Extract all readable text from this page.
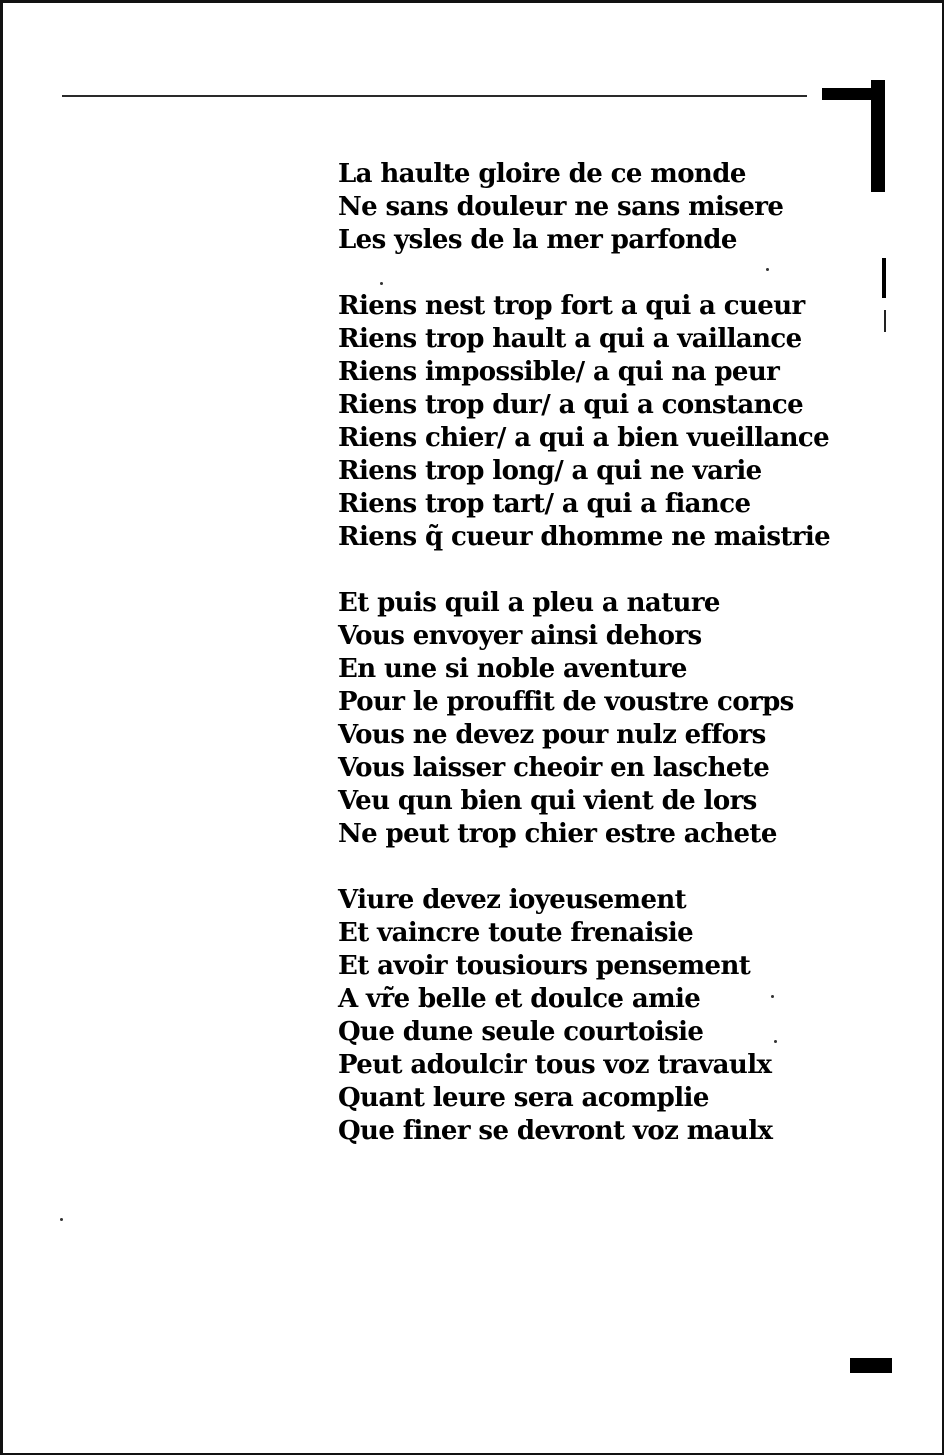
La haulte gloire de ce monde
Ne sans douleur ne sans misere
Les ysles de la mer parfonde
Riens nest trop fort a qui a cueur
Riens trop hault a qui a vaillance
Riens impossible/ a qui na peur
Riens trop dur/ a qui a constance
Riens chier/ a qui a bien vueillance
Riens trop long/ a qui ne varie
Riens trop tart/ a qui a fiance
Riens q̃ cueur dhomme ne maistrie
Et puis quil a pleu a nature
Vous envoyer ainsi dehors
En une si noble aventure
Pour le prouffit de voustre corps
Vous ne devez pour nulz effors
Vous laisser cheoir en laschete
Veu qun bien qui vient de lors
Ne peut trop chier estre achete
Viure devez ioyeusement
Et vaincre toute frenaisie
Et avoir tousiours pensement
A vr̃e belle et doulce amie
Que dune seule courtoisie
Peut adoulcir tous voz travaulx
Quant leure sera acomplie
Que finer se devront voz maulx
